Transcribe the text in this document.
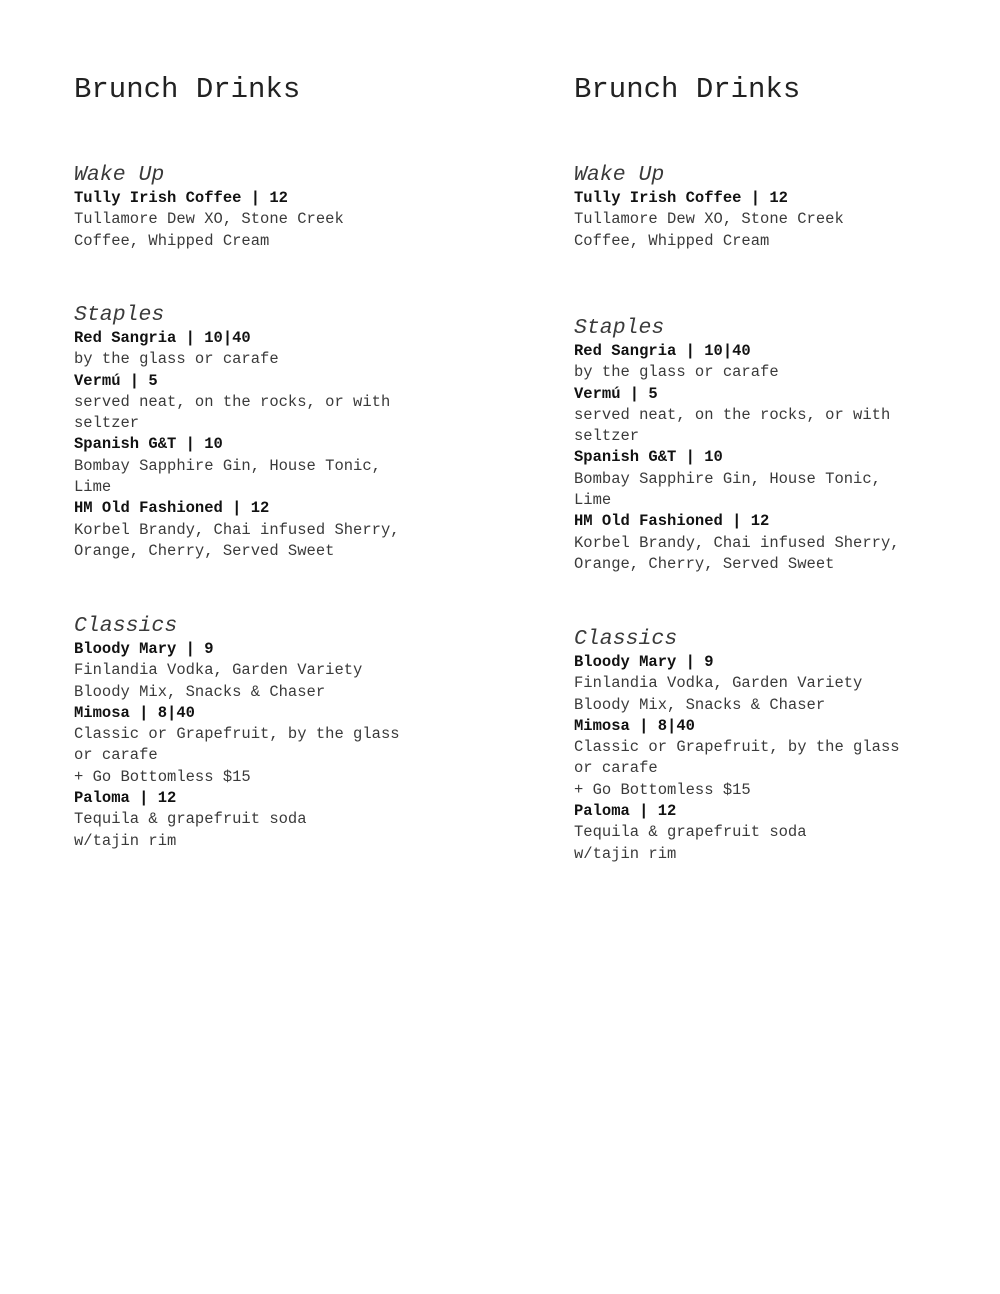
Brunch Drinks
Wake Up
Tully Irish Coffee | 12
Tullamore Dew XO, Stone Creek
Coffee, Whipped Cream
Staples
Red Sangria | 10|40
by the glass or carafe
Vermú | 5
served neat, on the rocks, or with
seltzer
Spanish G&T | 10
Bombay Sapphire Gin, House Tonic,
Lime
HM Old Fashioned | 12
Korbel Brandy, Chai infused Sherry,
Orange, Cherry, Served Sweet
Classics
Bloody Mary | 9
Finlandia Vodka, Garden Variety
Bloody Mix, Snacks & Chaser
Mimosa | 8|40
Classic or Grapefruit, by the glass
or carafe
+ Go Bottomless $15
Paloma | 12
Tequila & grapefruit soda
w/tajin rim
Brunch Drinks
Wake Up
Tully Irish Coffee | 12
Tullamore Dew XO, Stone Creek
Coffee, Whipped Cream
Staples
Red Sangria | 10|40
by the glass or carafe
Vermú | 5
served neat, on the rocks, or with
seltzer
Spanish G&T | 10
Bombay Sapphire Gin, House Tonic,
Lime
HM Old Fashioned | 12
Korbel Brandy, Chai infused Sherry,
Orange, Cherry, Served Sweet
Classics
Bloody Mary | 9
Finlandia Vodka, Garden Variety
Bloody Mix, Snacks & Chaser
Mimosa | 8|40
Classic or Grapefruit, by the glass
or carafe
+ Go Bottomless $15
Paloma | 12
Tequila & grapefruit soda
w/tajin rim
